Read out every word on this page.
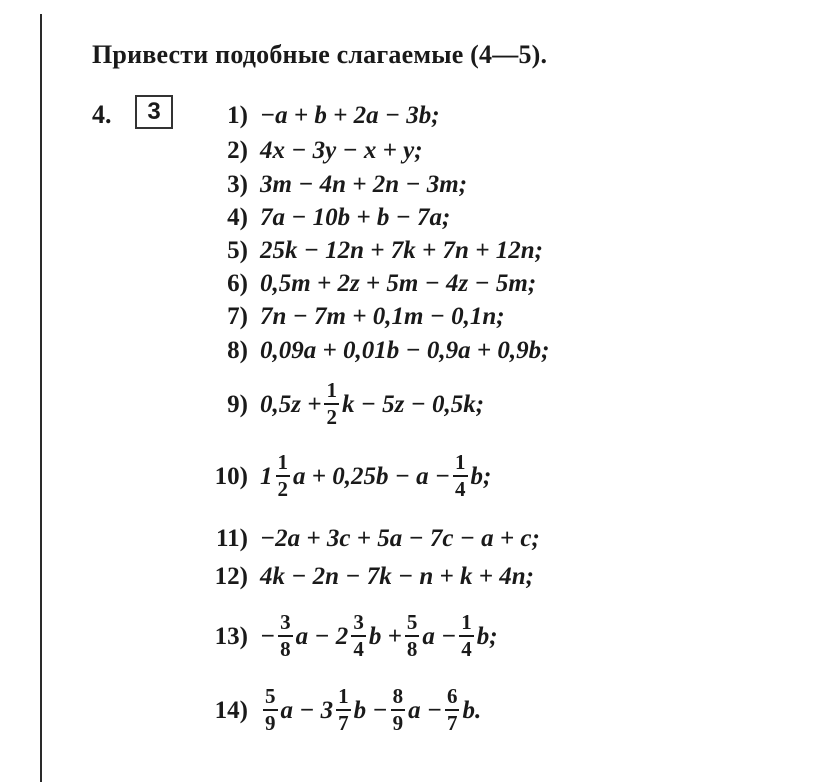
Привести подобные слагаемые (4—5).
4.	3	1) −a + b + 2a − 3b;
2) 4x − 3y − x + y;
3) 3m − 4n + 2n − 3m;
4) 7a − 10b + b − 7a;
5) 25k − 12n + 7k + 7n + 12n;
6) 0,5m + 2z + 5m − 4z − 5m;
7) 7n − 7m + 0,1m − 0,1n;
8) 0,09a + 0,01b − 0,9a + 0,9b;
9) $0,5z + \frac{1}{2}$ k − 5z − 0,5k;
10) $1 \frac{1}{2}$ $a + 0,25b - a - \frac{1}{4} b$;
11) −2a + 3c + 5a − 7c − a + c;
12) 4k − 2n − 7k − n + k + 4n;
$13) - \frac{3}{8}$ $a - 2 \frac{3}{4}$ $b + \frac{5}{8}$ $a - \frac{1}{4} b$;
$14) \frac{5}{9}$ $a - 3 \frac{1}{7}$ $b - \frac{8}{9}$ $a - \frac{6}{7} b$.
